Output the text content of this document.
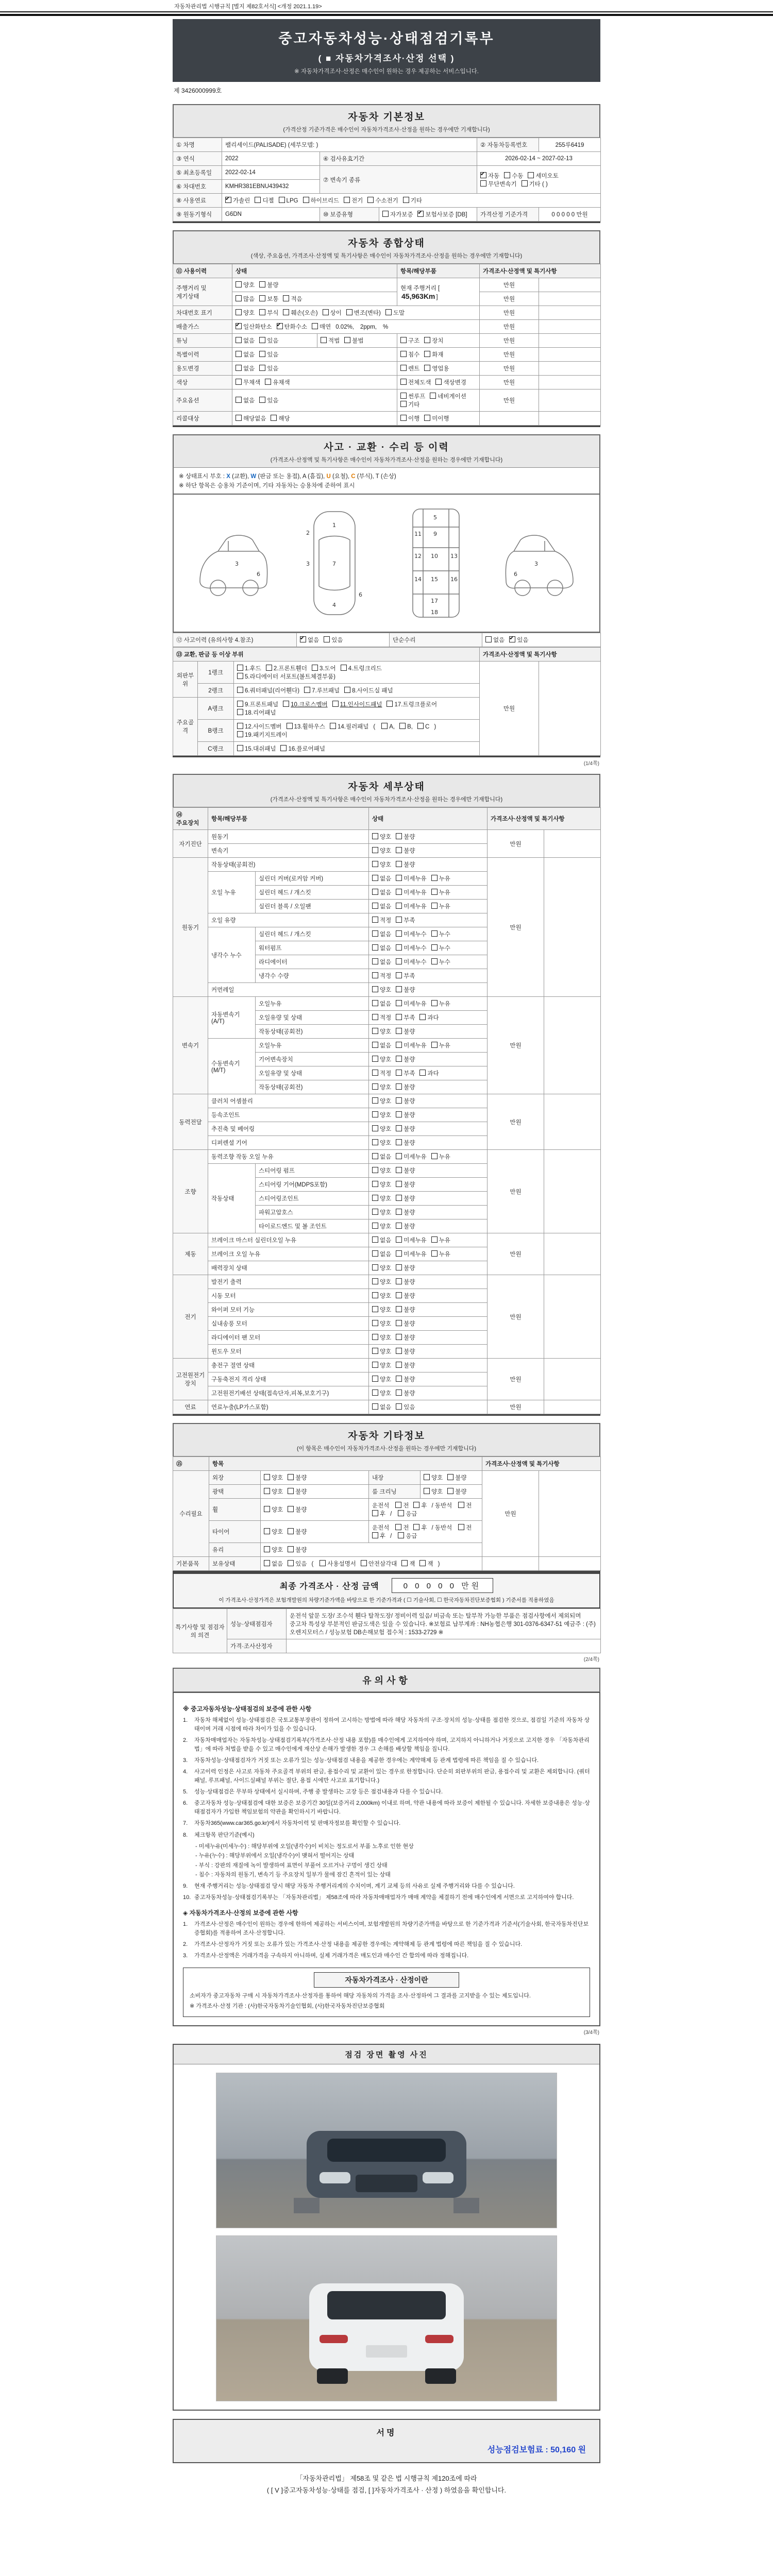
자동차관리법 시행규칙 [별지 제82호서식] <개정 2021.1.19>
중고자동차성능·상태점검기록부
( ■ 자동차가격조사·산정 선택 )
※ 자동차가격조사·산정은 매수인이 원하는 경우 제공하는 서비스입니다.
제 3426000999호
자동차 기본정보
(가격산정 기준가격은 매수인이 자동차가격조사·산정을 원하는 경우에만 기재합니다)
① 차명	팰리세이드(PALISADE) (세부모델: )			② 자동차등록번호	255루6419
③ 연식	2022	④ 검사유효기간		2026-02-14 ~ 2027-02-13	
⑤ 최초등록일	2022-02-14	⑦ 변속기 종류	✔자동 수동 세미오토무단변속기 기타 ( )
⑥ 차대번호	KMHR381EBNU439432				
⑧ 사용연료	✔가솔린 디젤 LPG 하이브리드 전기 수소전기 기타
⑨ 원동기형식	G6DN	⑩ 보증유형	자가보증 ✔ 보험사보증 [DB]	가격산정 기준가격	0 0 0 0 0 만원
자동차 종합상태
(색상, 주요옵션, 가격조사·산정액 및 특기사항은 매수인이 자동차가격조사·산정을 원하는 경우에만 기재합니다)
⑪ 사용이력	상태		항목/해당부품	가격조사·산정액 및 특기사항	
주행거리 및 계기상태	양호 불량		현재 주행거리 [45,963Km ]	만원	
	많음 보통 적음			만원	
차대번호 표기	양호 부식 훼손(오손) 상이 변조(변타) 도말			만원	
배출가스	✔일산화탄소 ✔ 탄화수소 매연 0.02%, 2ppm, %			만원	
튜닝	없음 있음	적법 불법	구조 장치	만원	
특별이력	없음 있음		침수 화재	만원	
용도변경	없음 있음		렌트 영업용	만원	
색상	무채색 유채색		전체도색 색상변경	만원	
주요옵션	없음 있음		썬루프 네비게이션기타	만원	
리콜대상	해당없음 해당		이행 미이행		
사고 · 교환 · 수리 등 이력
(가격조사·산정액 및 특기사항은 매수인이 자동차가격조사·산정을 원하는 경우에만 기재합니다)
※ 상태표시 부호 : X (교환), W (판금 또는 용접), A (흠집), U (요철), C (부식), T (손상)
※ 하단 항목은 승용차 기준이며, 기타 자동차는 승용차에 준하여 표시
3
6
1
2
3	7
6
4
5
9
10
11
12	13
14 15 16
17
18
3
6
⑫ 사고이력 (유의사항 4.참조)	✔없음 있음	단순수리	없음 ✔ 있음
⑬ 교환, 판금 등 이상 부위			가격조사·산정액 및 특기사항	
외판부위	1랭크	1.후드 2.프론트휀더 3.도어 4.트렁크리드5.라디에이터 서포트(볼트체결부품)	만원	
	2랭크	6.쿼터패널(리어휀다) 7.루브패널 8.사이드실 패널		
주요골격	A랭크	9.프론트패널 10.크로스멤버 11.인사이드패널 17.트렁크플로어18.리어패널		
	B랭크	12.사이드멤버 13.휠하우스 14.필러패널 ( A, B, C )19.패키지트레이		
	C랭크	15.대쉬패널 16.플로어패널		
(1/4쪽)
자동차 세부상태
(가격조사·산정액 및 특기사항은 매수인이 자동차가격조사·산정을 원하는 경우에만 기재합니다)
⑭ 주요장치	항목/해당부품		상태	가격조사·산정액 및 특기사항	
자기진단	원동기		양호 불량	만원	
	변속기		양호 불량		
원동기	작동상태(공회전)		양호 불량	만원	
	오일 누유	실린더 커버(로커암 커버)	없음 미세누유 누유		
		실린더 헤드 / 개스킷	없음 미세누유 누유		
		실린더 블록 / 오일팬	없음 미세누유 누유		
	오일 유량		적정 부족		
	냉각수 누수	실린더 헤드 / 개스킷	없음 미세누수 누수		
		워터펌프	없음 미세누수 누수		
		라디에이터	없음 미세누수 누수		
		냉각수 수량	적정 부족		
	커먼레일		양호 불량		
변속기	자동변속기 (A/T)	오일누유	없음 미세누유 누유	만원	
		오일유량 및 상태	적정 부족 과다		
		작동상태(공회전)	양호 불량		
	수동변속기 (M/T)	오일누유	없음 미세누유 누유		
		기어변속장치	양호 불량		
		오일유량 및 상태	적정 부족 과다		
		작동상태(공회전)	양호 불량		
동력전달	클러치 어셈블리		양호 불량	만원	
	등속조인트		양호 불량		
	추진축 및 베어링		양호 불량		
	디퍼렌셜 기어		양호 불량		
조향	동력조향 작동 오일 누유		없음 미세누유 누유	만원	
	작동상태	스티어링 펌프	양호 불량		
		스티어링 기어(MDPS포함)	양호 불량		
		스티어링조인트	양호 불량		
		파워고압호스	양호 불량		
		타이로드엔드 및 볼 조인트	양호 불량		
제동	브레이크 마스터 실린더오일 누유		없음 미세누유 누유	만원	
	브레이크 오일 누유		없음 미세누유 누유		
	배력장치 상태		양호 불량		
전기	발전기 출력		양호 불량	만원	
	시동 모터		양호 불량		
	와이퍼 모터 기능		양호 불량		
	실내송풍 모터		양호 불량		
	라디에이터 팬 모터		양호 불량		
	윈도우 모터		양호 불량		
고전원전기장치	충전구 절연 상태		양호 불량	만원	
	구동축전지 격리 상태		양호 불량		
	고전원전기배선 상태(접속단자,피복,보호기구)		양호 불량		
연료	연료누출(LP가스포함)		없음 있음	만원	
자동차 기타정보
(이 항목은 매수인이 자동차가격조사·산정을 원하는 경우에만 기재합니다)
⑮	항목				가격조사·산정액 및 특기사항	
수리필요	외장	양호 불량	내장	양호 불량	만원	
	광택	양호 불량	룸 크리닝	양호 불량		
	휠	양호 불량	운전석 전 후 / 동반석 전후 / 응급			
	타이어	양호 불량	운전석 전 후 / 동반석 전후 / 응급			
	유리	양호 불량				
기본품목	보유상태	없음 있음 ( 사용설명서 안전삼각대 잭 잭 )				
최종 가격조사 · 산정 금액	0 0 0 0 0 만원
이 가격조사·산정가격은 보험개발원의 차량기준가액을 바탕으로 한 기준가격과 ( ☐ 기술사회, ☐ 한국자동차진단보증협회 ) 기준서를 적용하였음
특기사항 및 점검자의 의견	성능·상태점검자	운전석 앞문 도장/ 조수석 휀다 탈착도장/ 정비이력 있음/ 비금속 또는 탈부착 가능한 부품은 점검사항에서 제외되며 중고차 특성상 부분적인 판금도색은 있을 수 있습니다. ※보험료 납부계좌 : NH농협은행 301-0376-6347-51 예금주 : (주)오렌지모터스 / 성능보험 DB손해보험 접수처 : 1533-2729 ※
	가격·조사산정자	
(2/4쪽)
유의사항
※ 중고자동차성능·상태점검의 보증에 관한 사항
1.	자동차 해체없이 성능·상태점검은 국토교통부장관이 정하여 고시하는 방법에 따라 해당 자동차의 구조·장치의 성능·상태를 점검한 것으로, 점검일 기준의 자동차 상태이며 거래 시점에 따라 차이가 있을 수 있습니다.
2.	자동차매매업자는 자동차성능·상태점검기록부(가격조사·산정 내용 포함)를 매수인에게 고지하여야 하며, 고지하지 아니하거나 거짓으로 고지한 경우 「자동차관리법」에 따라 처벌을 받을 수 있고 매수인에게 재산상 손해가 발생한 경우 그 손해를 배상할 책임을 집니다.
3.	자동차성능·상태점검자가 거짓 또는 오류가 있는 성능·상태점검 내용을 제공한 경우에는 계약해제 등 관계 법령에 따른 책임을 질 수 있습니다.
4.	사고이력 인정은 사고로 자동차 주요골격 부위의 판금, 용접수리 및 교환이 있는 경우로 한정합니다. 단순히 외판부위의 판금, 용접수리 및 교환은 제외합니다. (쿼터패널, 루프패널, 사이드실패널 부위는 절단, 용접 시에만 사고로 표기합니다.)
5.	성능·상태점검은 무부하 상태에서 실시하며, 주행 중 발생하는 고장 등은 점검내용과 다를 수 있습니다.
6.	중고자동차 성능·상태점검에 대한 보증은 보증기간 30일(보증거리 2,000km) 이내로 하며, 약관 내용에 따라 보증이 제한될 수 있습니다. 자세한 보증내용은 성능·상태점검자가 가입한 책임보험의 약관을 확인하시기 바랍니다.
7.	자동차365(www.car365.go.kr)에서 자동차이력 및 판매자정보를 확인할 수 있습니다.
8.	체크항목 판단기준(예시)
- 미세누유(미세누수) : 해당부위에 오일(냉각수)이 비치는 정도로서 부품 노후로 인한 현상
- 누유(누수) : 해당부위에서 오일(냉각수)이 맺혀서 떨어지는 상태
- 부식 : 강판의 재질에 녹이 발생하여 표면이 부풀어 오르거나 구멍이 생긴 상태
- 침수 : 자동차의 원동기, 변속기 등 주요장치 일부가 물에 잠긴 흔적이 있는 상태
9.	현재 주행거리는 성능·상태점검 당시 해당 자동차 주행거리계의 수치이며, 계기 교체 등의 사유로 실제 주행거리와 다를 수 있습니다.
10. 중고자동차성능·상태점검기록부는 「자동차관리법」 제58조에 따라 자동차매매업자가 매매 계약을 체결하기 전에 매수인에게 서면으로 고지하여야 합니다.
◈ 자동차가격조사·산정의 보증에 관한 사항
1.	가격조사·산정은 매수인이 원하는 경우에 한하여 제공하는 서비스이며, 보험개발원의 차량기준가액을 바탕으로 한 기준가격과 기준서(기술사회, 한국자동차진단보증협회)를 적용하여 조사·산정합니다.
2.	가격조사·산정자가 거짓 또는 오류가 있는 가격조사·산정 내용을 제공한 경우에는 계약해제 등 관계 법령에 따른 책임을 질 수 있습니다.
3.	가격조사·산정액은 거래가격을 구속하지 아니하며, 실제 거래가격은 매도인과 매수인 간 합의에 따라 정해집니다.
자동차가격조사 · 산정이란
소비자가 중고자동차 구매 시 자동차가격조사·산정자를 통하여 해당 자동차의 가격을 조사·산정하여 그 결과를 고지받을 수 있는 제도입니다.
※ 가격조사·산정 기관 : (사)한국자동차기술인협회, (사)한국자동차진단보증협회
(3/4쪽)
점검 장면 촬영 사진
서명
성능점검보험료 : 50,160 원
「자동차관리법」 제58조 및 같은 법 시행규칙 제120조에 따라
( [ V ]중고자동차성능·상태를 점검, [ ]자동차가격조사 · 산정 ) 하였음을 확인합니다.
